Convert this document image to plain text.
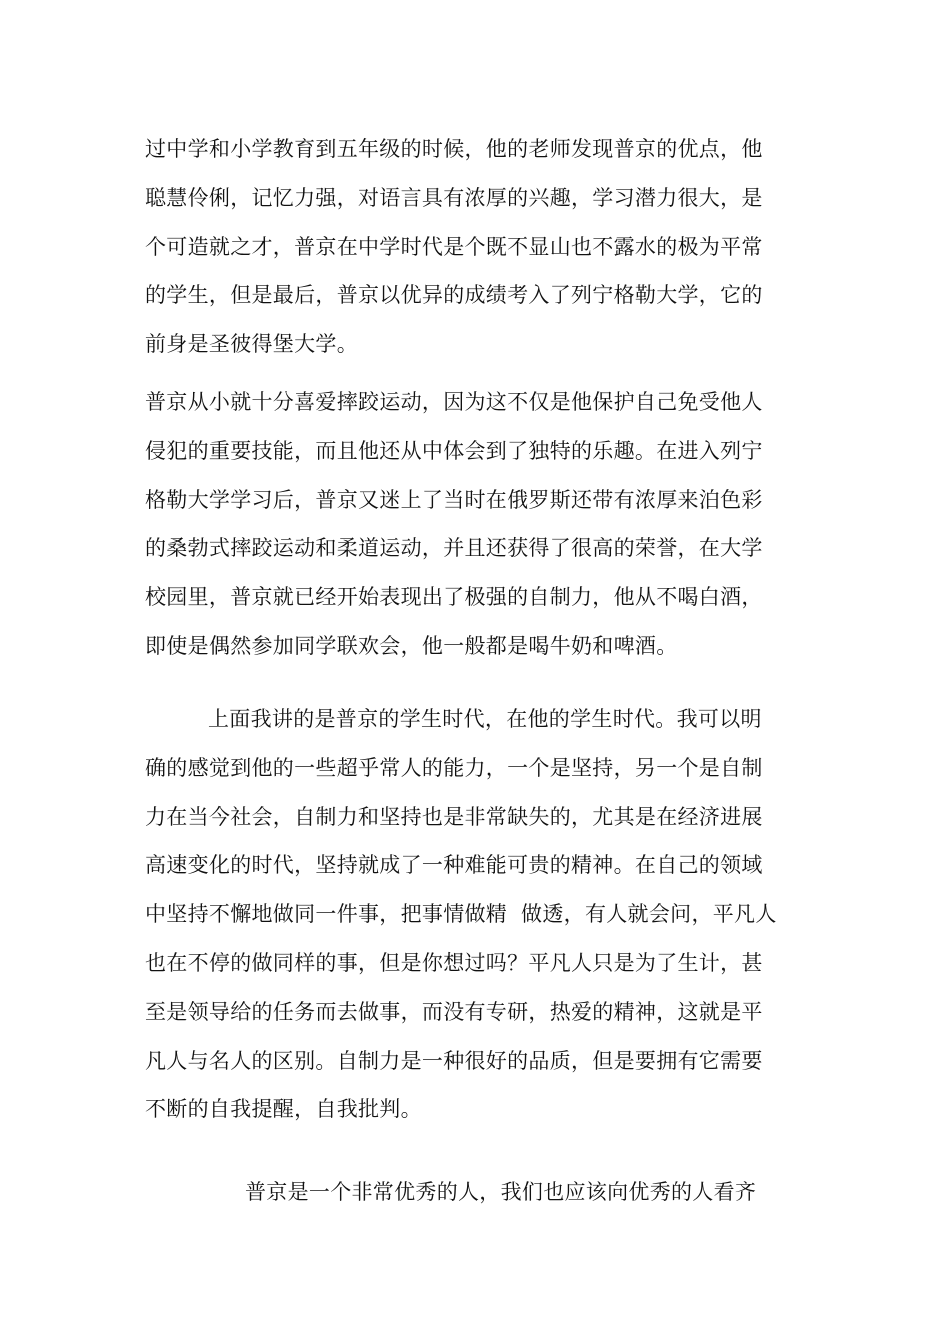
过中学和小学教育到五年级的时候，他的老师发现普京的优点，他
聪慧伶俐，记忆力强，对语言具有浓厚的兴趣，学习潜力很大，是
个可造就之才，普京在中学时代是个既不显山也不露水的极为平常
的学生，但是最后，普京以优异的成绩考入了列宁格勒大学，它的
前身是圣彼得堡大学。
普京从小就十分喜爱摔跤运动，因为这不仅是他保护自己免受他人
侵犯的重要技能，而且他还从中体会到了独特的乐趣。在进入列宁
格勒大学学习后，普京又迷上了当时在俄罗斯还带有浓厚来泊色彩
的桑勃式摔跤运动和柔道运动，并且还获得了很高的荣誉，在大学
校园里，普京就已经开始表现出了极强的自制力，他从不喝白酒，
即使是偶然参加同学联欢会，他一般都是喝牛奶和啤酒。
上面我讲的是普京的学生时代，在他的学生时代。我可以明
确的感觉到他的一些超乎常人的能力，一个是坚持，另一个是自制
力在当今社会，自制力和坚持也是非常缺失的，尤其是在经济进展
高速变化的时代，坚持就成了一种难能可贵的精神。在自己的领域
中坚持不懈地做同一件事，把事情做精  做透，有人就会问，平凡人
也在不停的做同样的事，但是你想过吗？平凡人只是为了生计，甚
至是领导给的任务而去做事，而没有专研，热爱的精神，这就是平
凡人与名人的区别。自制力是一种很好的品质，但是要拥有它需要
不断的自我提醒，自我批判。
普京是一个非常优秀的人，我们也应该向优秀的人看齐
